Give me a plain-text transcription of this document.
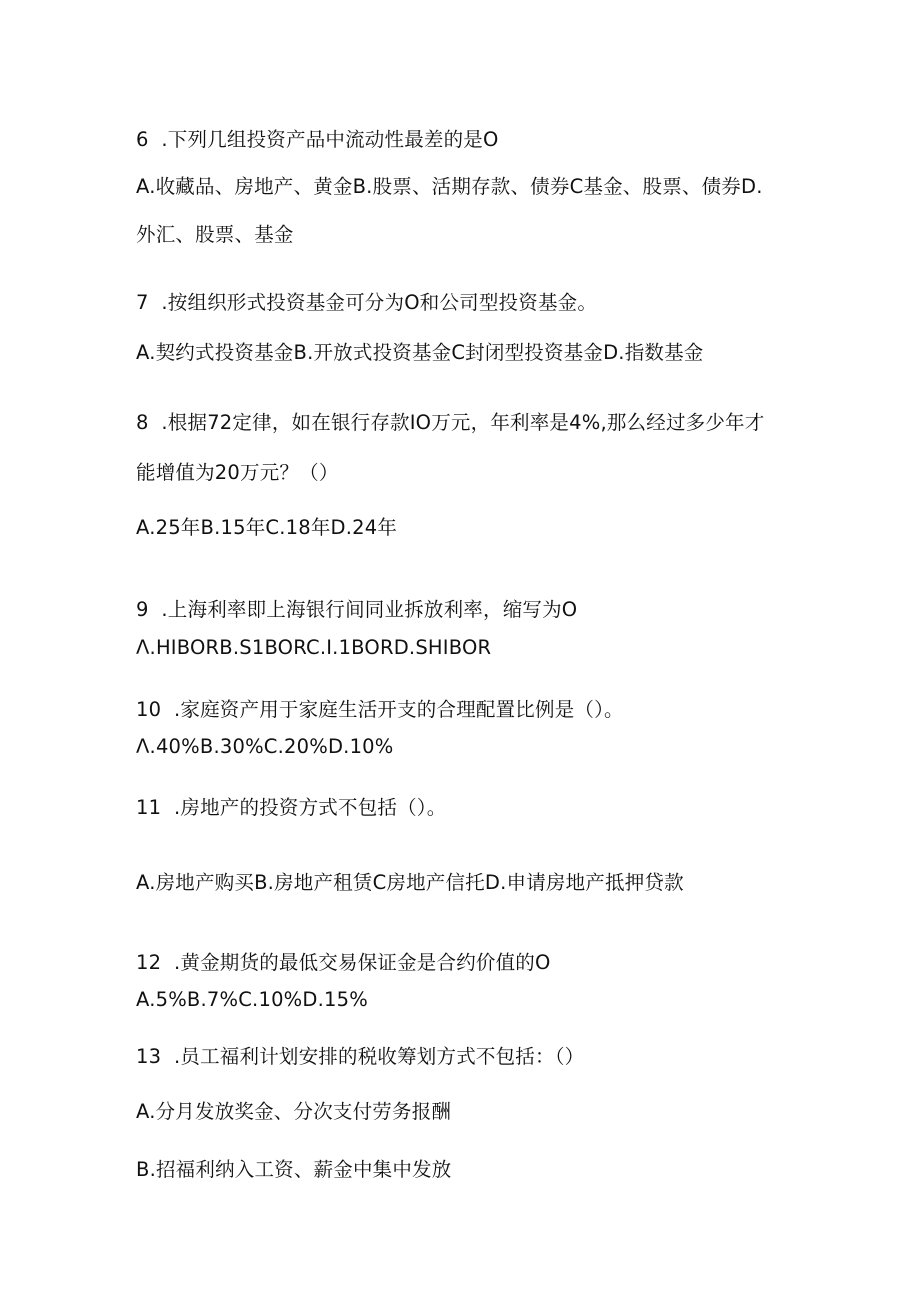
6  .下列几组投资产品中流动性最差的是O
A.收藏品、房地产、黄金B.股票、活期存款、债券C基金、股票、债券D.
外汇、股票、基金
7  .按组织形式投资基金可分为O和公司型投资基金。
A.契约式投资基金B.开放式投资基金C封闭型投资基金D.指数基金
8  .根据72定律，如在银行存款IO万元，年利率是4%,那么经过多少年才
能增值为20万元？（）
A.25年B.15年C.18年D.24年
9  .上海利率即上海银行间同业拆放利率，缩写为O
Λ.HIBORB.S1BORC.I.1BORD.SHIBOR
10  .家庭资产用于家庭生活开支的合理配置比例是（）。
Λ.40%B.30%C.20%D.10%
11  .房地产的投资方式不包括（）。
A.房地产购买B.房地产租赁C房地产信托D.申请房地产抵押贷款
12  .黄金期货的最低交易保证金是合约价值的O
A.5%B.7%C.10%D.15%
13  .员工福利计划安排的税收筹划方式不包括：（）
A.分月发放奖金、分次支付劳务报酬
B.招福利纳入工资、薪金中集中发放
